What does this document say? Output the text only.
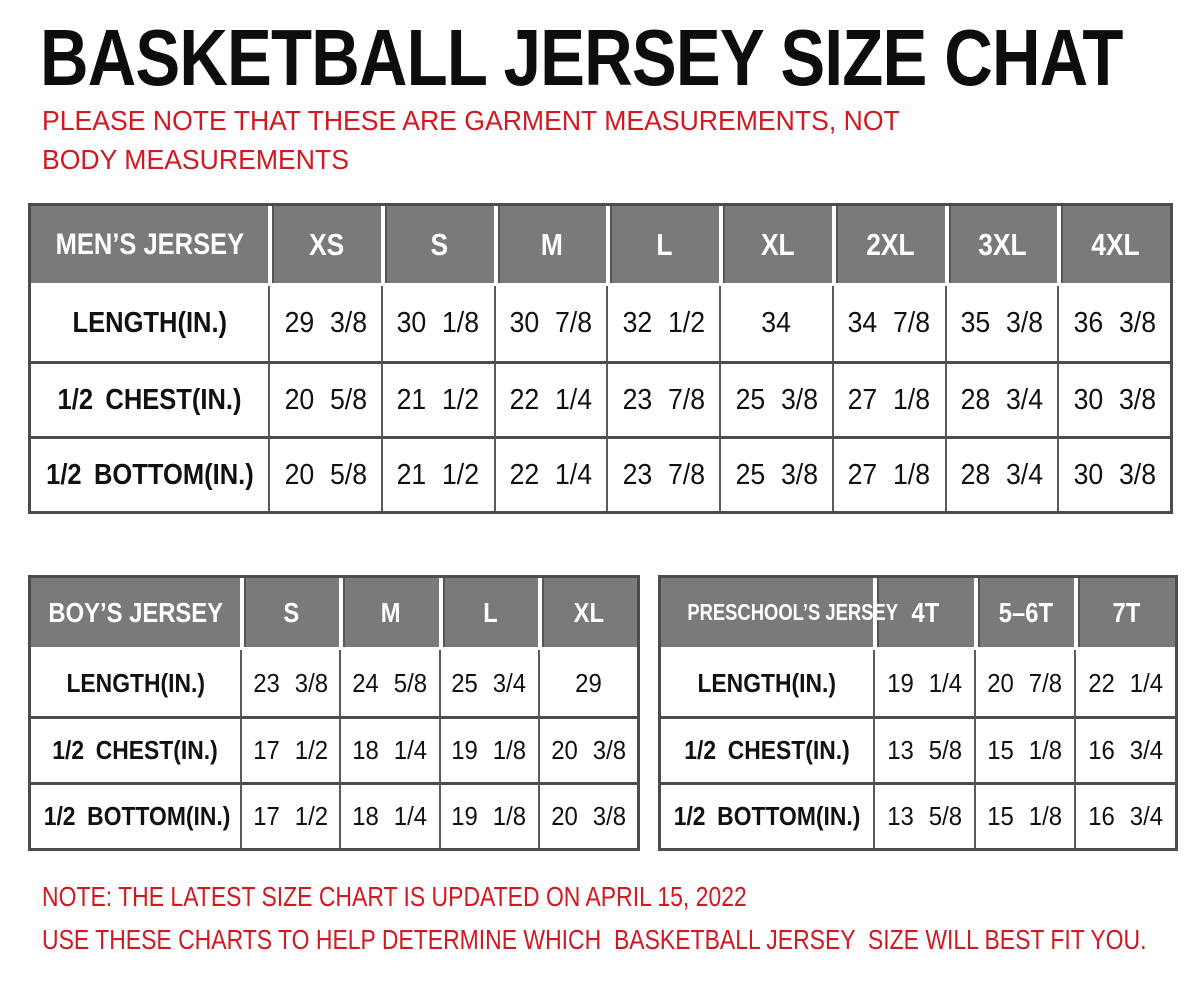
BASKETBALL JERSEY SIZE CHAT
PLEASE NOTE THAT THESE ARE GARMENT MEASUREMENTS, NOT BODY MEASUREMENTS
MEN’S JERSEY	XS	S	M	L	XL	2XL	3XL	4XL
LENGTH(IN.)	29 3/8	30 1/8	30 7/8	32 1/2	34	34 7/8	35 3/8	36 3/8
1/2 CHEST(IN.)	20 5/8	21 1/2	22 1/4	23 7/8	25 3/8	27 1/8	28 3/4	30 3/8
1/2 BOTTOM(IN.)	20 5/8	21 1/2	22 1/4	23 7/8	25 3/8	27 1/8	28 3/4	30 3/8
BOY’S JERSEY	S	M	L	XL
LENGTH(IN.)	23 3/8	24 5/8	25 3/4	29
1/2 CHEST(IN.)	17 1/2	18 1/4	19 1/8	20 3/8
1/2 BOTTOM(IN.)	17 1/2	18 1/4	19 1/8	20 3/8
PRESCHOOL’S JERSEY	4T	5–6T	7T
LENGTH(IN.)	19 1/4	20 7/8	22 1/4
1/2 CHEST(IN.)	13 5/8	15 1/8	16 3/4
1/2 BOTTOM(IN.)	13 5/8	15 1/8	16 3/4
NOTE: THE LATEST SIZE CHART IS UPDATED ON APRIL 15, 2022
USE THESE CHARTS TO HELP DETERMINE WHICH  BASKETBALL JERSEY  SIZE WILL BEST FIT YOU.
